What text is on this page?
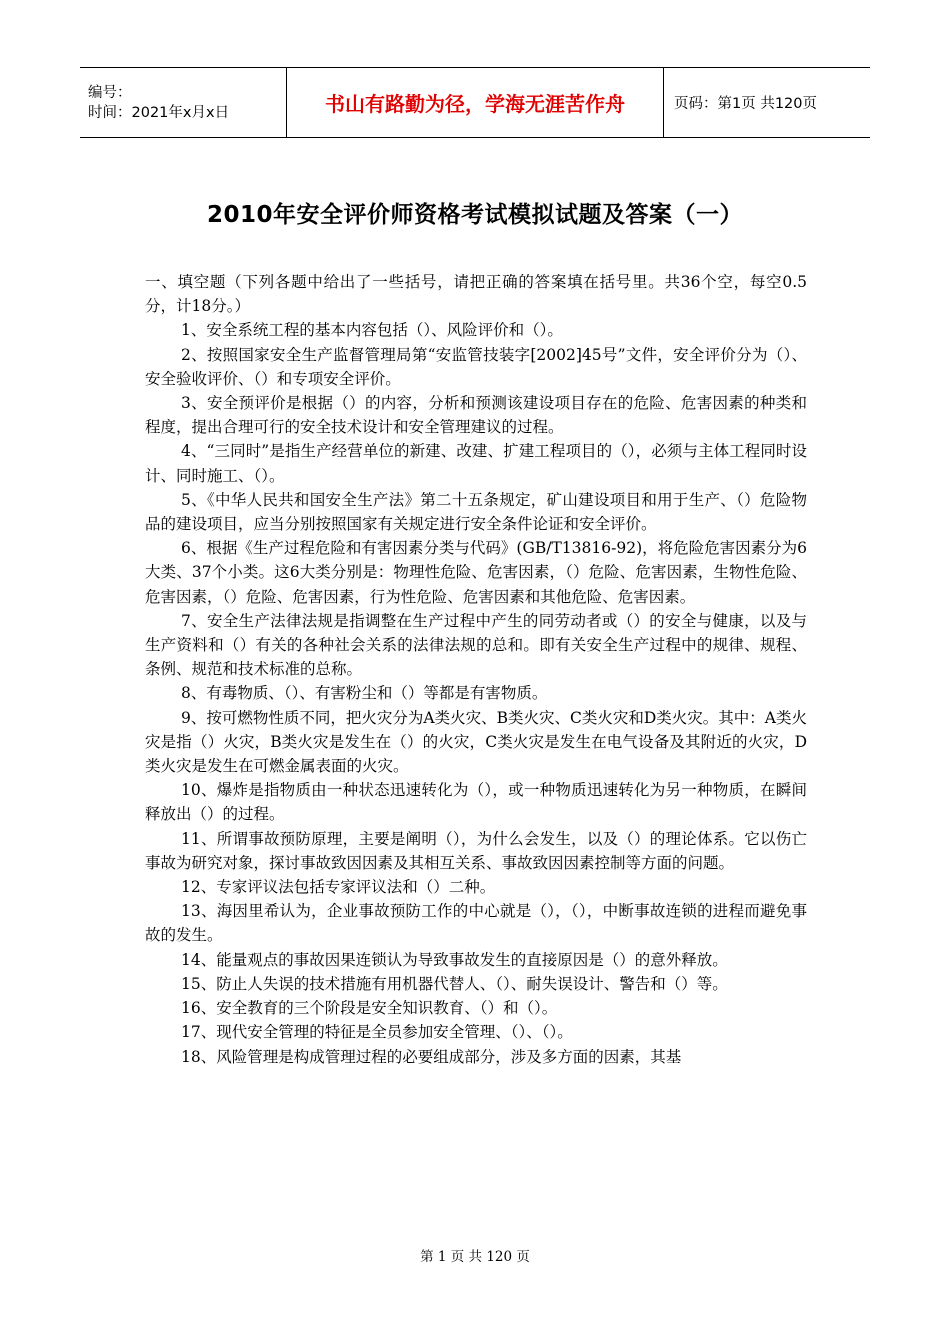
编号：
时间：2021年x月x日	书山有路勤为径，学海无涯苦作舟	页码：第1页 共120页
2010年安全评价师资格考试模拟试题及答案（一）

一、填空题（下列各题中给出了一些括号，请把正确的答案填在括号里。共36个空，每空0.5分，计18分。）

1、安全系统工程的基本内容包括（）、风险评价和（）。

2、按照国家安全生产监督管理局第“安监管技装字[2002]45号”文件，安全评价分为（）、安全验收评价、（）和专项安全评价。

3、安全预评价是根据（）的内容，分析和预测该建设项目存在的危险、危害因素的种类和程度，提出合理可行的安全技术设计和安全管理建议的过程。

4、“三同时”是指生产经营单位的新建、改建、扩建工程项目的（），必须与主体工程同时设计、同时施工、（）。

5、《中华人民共和国安全生产法》第二十五条规定，矿山建设项目和用于生产、（）危险物品的建设项目，应当分别按照国家有关规定进行安全条件论证和安全评价。

6、根据《生产过程危险和有害因素分类与代码》(GB/T13816-92)，将危险危害因素分为6大类、37个小类。这6大类分别是：物理性危险、危害因素，（）危险、危害因素，生物性危险、危害因素，（）危险、危害因素，行为性危险、危害因素和其他危险、危害因素。

7、安全生产法律法规是指调整在生产过程中产生的同劳动者或（）的安全与健康，以及与生产资料和（）有关的各种社会关系的法律法规的总和。即有关安全生产过程中的规律、规程、条例、规范和技术标准的总称。

8、有毒物质、（）、有害粉尘和（）等都是有害物质。

9、按可燃物性质不同，把火灾分为A类火灾、B类火灾、C类火灾和D类火灾。其中：A类火灾是指（）火灾，B类火灾是发生在（）的火灾，C类火灾是发生在电气设备及其附近的火灾，D类火灾是发生在可燃金属表面的火灾。

10、爆炸是指物质由一种状态迅速转化为（），或一种物质迅速转化为另一种物质，在瞬间释放出（）的过程。

11、所谓事故预防原理，主要是阐明（），为什么会发生，以及（）的理论体系。它以伤亡事故为研究对象，探讨事故致因因素及其相互关系、事故致因因素控制等方面的问题。

12、专家评议法包括专家评议法和（）二种。

13、海因里希认为，企业事故预防工作的中心就是（），（），中断事故连锁的进程而避免事故的发生。

14、能量观点的事故因果连锁认为导致事故发生的直接原因是（）的意外释放。

15、防止人失误的技术措施有用机器代替人、（）、耐失误设计、警告和（）等。

16、安全教育的三个阶段是安全知识教育、（）和（）。

17、现代安全管理的特征是全员参加安全管理、（）、（）。

18、风险管理是构成管理过程的必要组成部分，涉及多方面的因素，其基

第 1 页 共 120 页
